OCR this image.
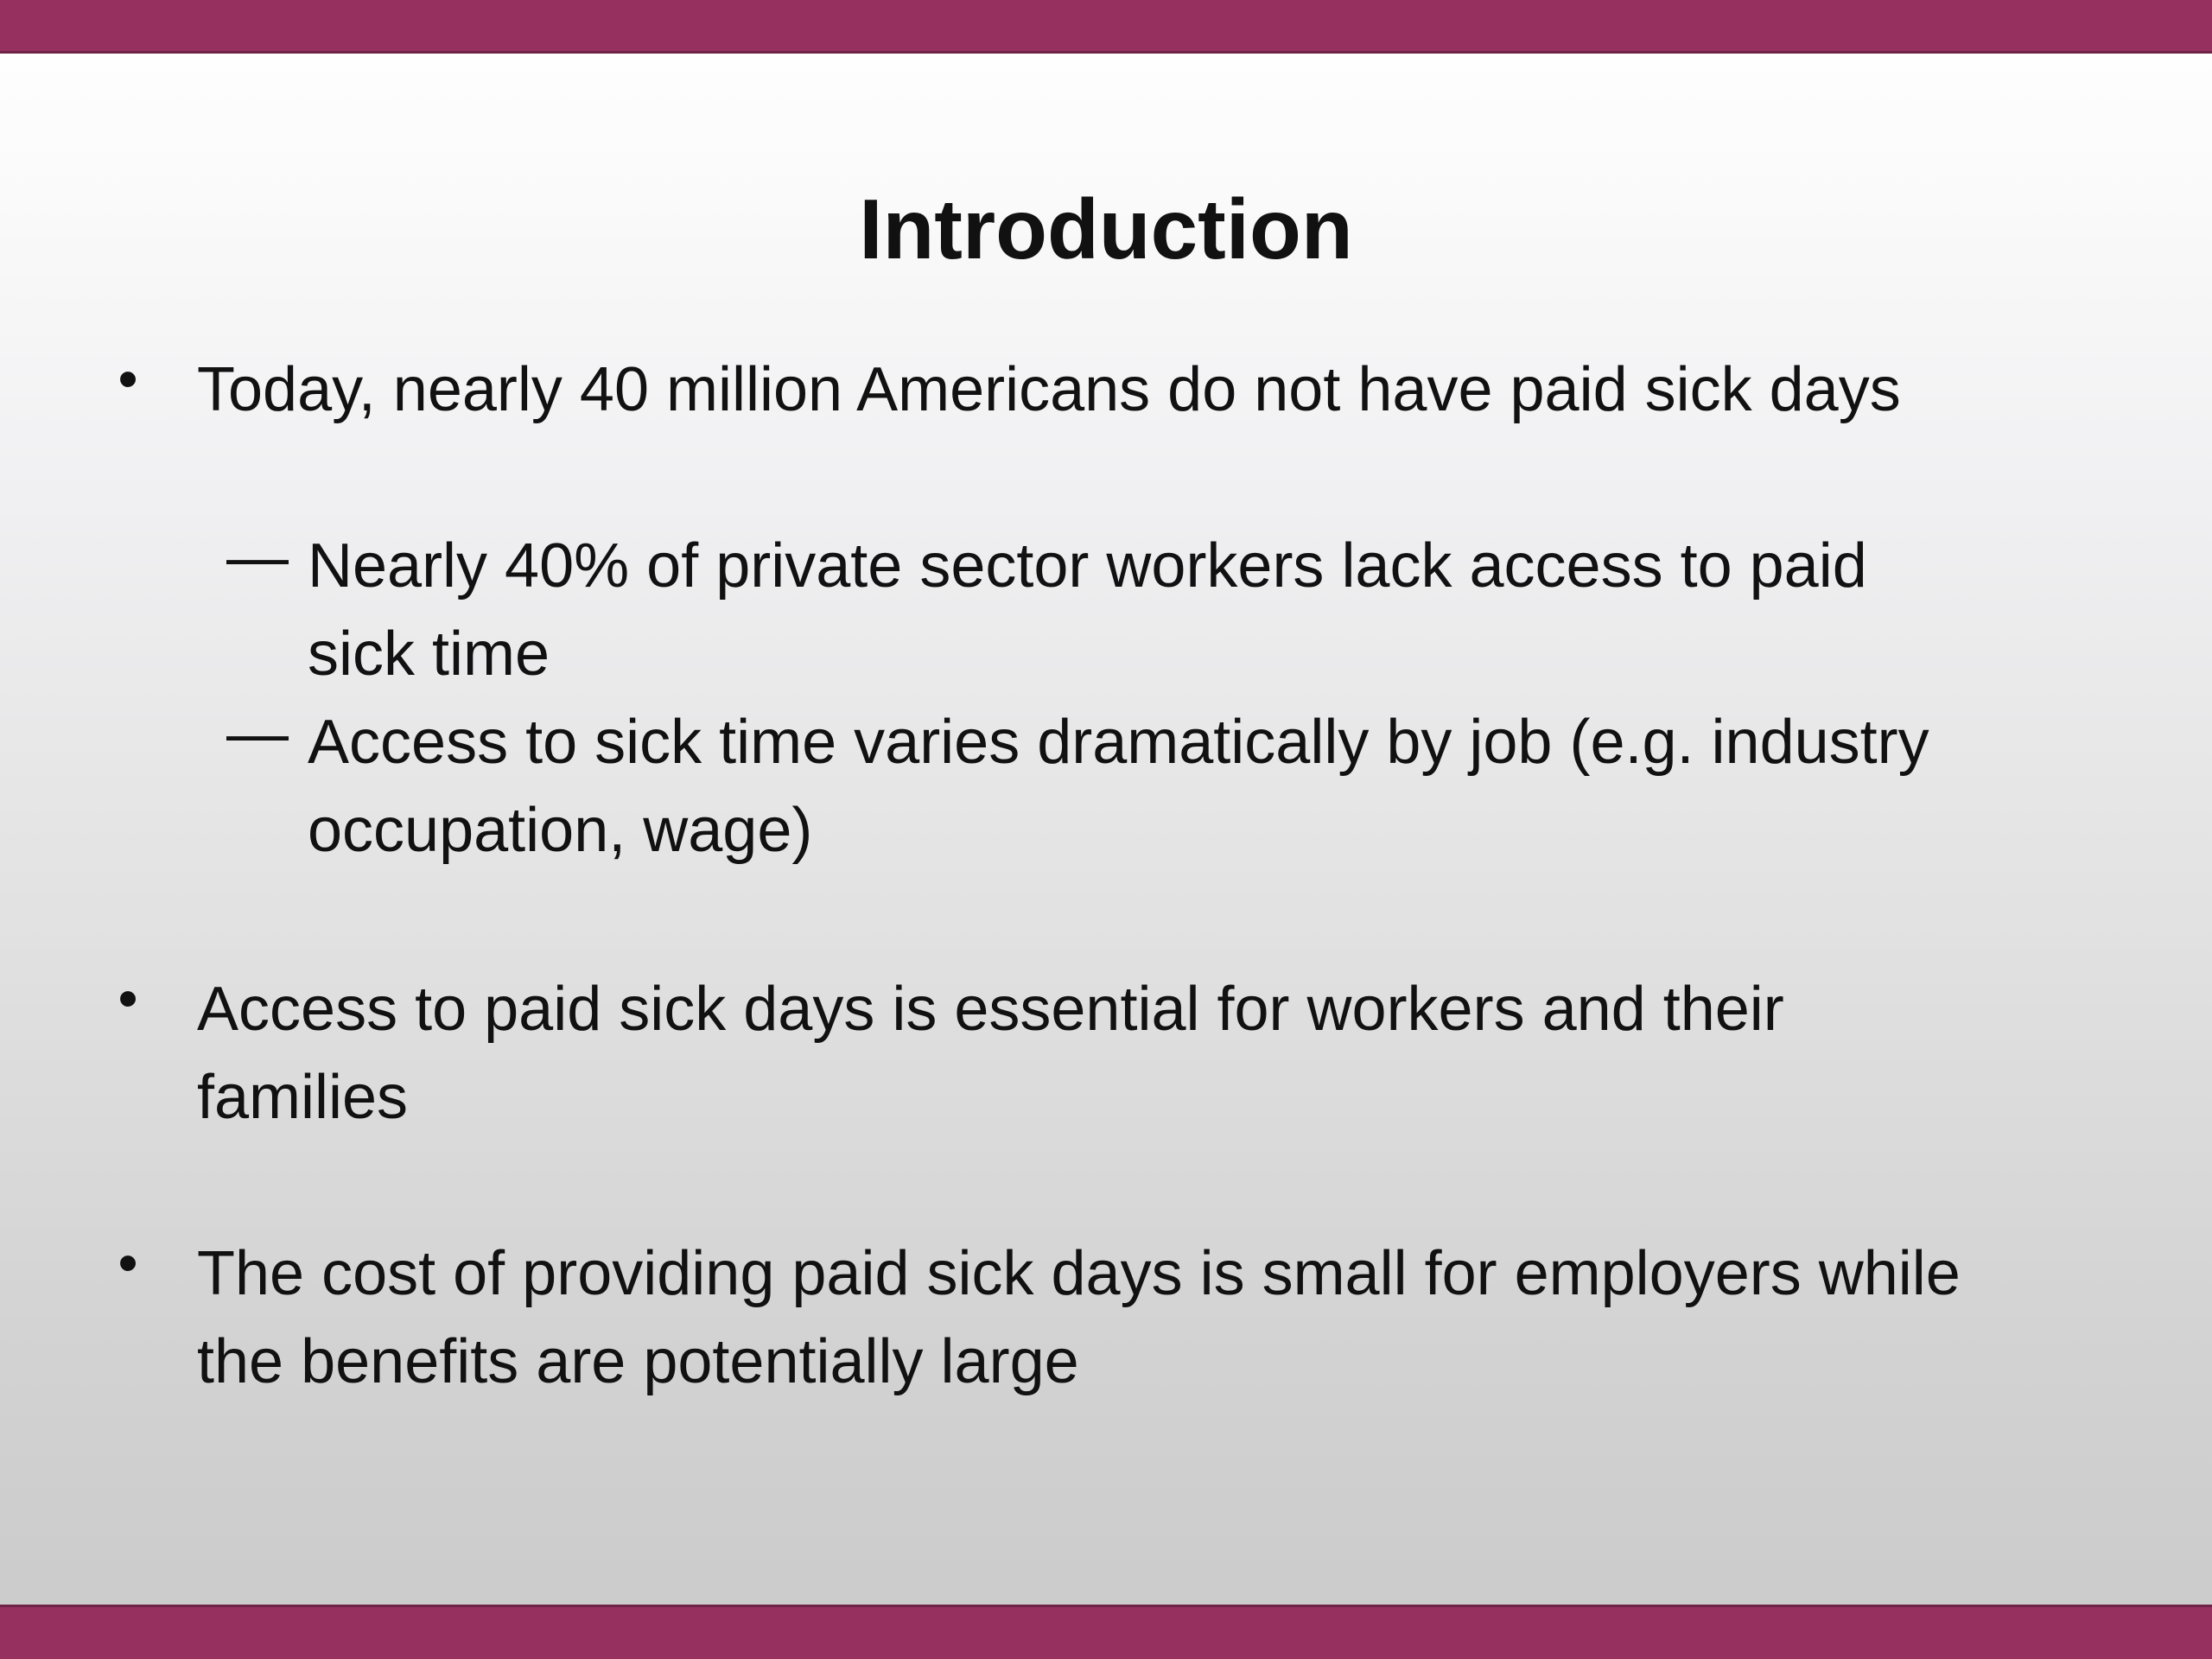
Introduction
• Today, nearly 40 million Americans do not have paid sick days
— Nearly 40% of private sector workers lack access to paid
sick time
— Access to sick time varies dramatically by job (e.g. industry
occupation, wage)
• Access to paid sick days is essential for workers and their
families
• The cost of providing paid sick days is small for employers while
the benefits are potentially large
